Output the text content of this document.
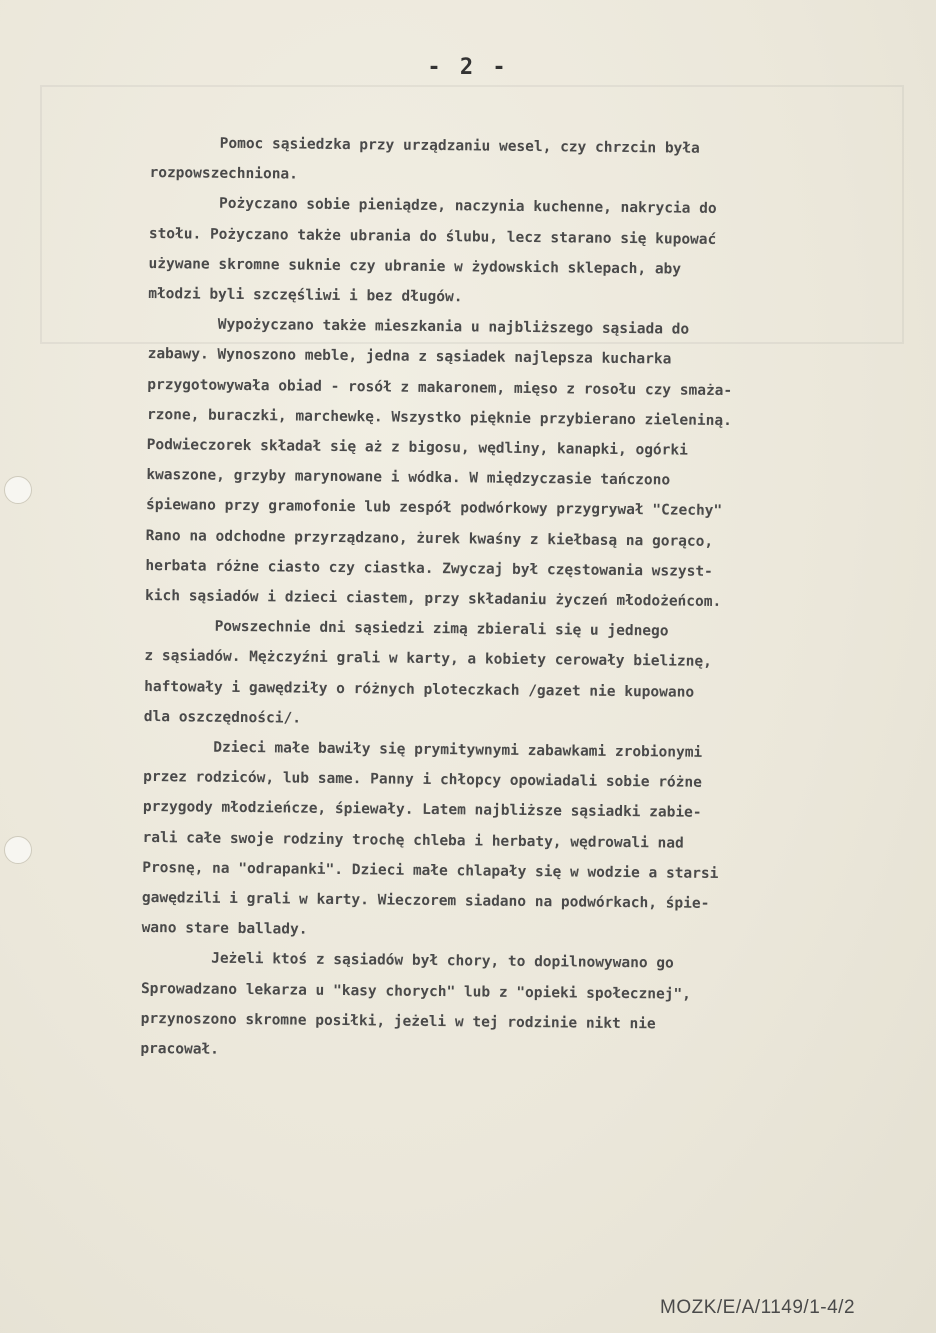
- 2 -
Pomoc sąsiedzka przy urządzaniu wesel, czy chrzcin była
rozpowszechniona.
Pożyczano sobie pieniądze, naczynia kuchenne, nakrycia do
stołu. Pożyczano także ubrania do ślubu, lecz starano się kupować
używane skromne suknie czy ubranie w żydowskich sklepach, aby
młodzi byli szczęśliwi i bez długów.
Wypożyczano także mieszkania u najbliższego sąsiada do
zabawy. Wynoszono meble, jedna z sąsiadek najlepsza kucharka
przygotowywała obiad - rosół z makaronem, mięso z rosołu czy smaża-
rzone, buraczki, marchewkę. Wszystko pięknie przybierano zieleniną.
Podwieczorek składał się aż z bigosu, wędliny, kanapki, ogórki
kwaszone, grzyby marynowane i wódka. W międzyczasie tańczono
śpiewano przy gramofonie lub zespół podwórkowy przygrywał "Czechy"
Rano na odchodne przyrządzano, żurek kwaśny z kiełbasą na gorąco,
herbata różne ciasto czy ciastka. Zwyczaj był częstowania wszyst-
kich sąsiadów i dzieci ciastem, przy składaniu życzeń młodożeńcom.
Powszechnie dni sąsiedzi zimą zbierali się u jednego
z sąsiadów. Mężczyźni grali w karty, a kobiety cerowały bieliznę,
haftowały i gawędziły o różnych ploteczkach /gazet nie kupowano
dla oszczędności/.
Dzieci małe bawiły się prymitywnymi zabawkami zrobionymi
przez rodziców, lub same. Panny i chłopcy opowiadali sobie różne
przygody młodzieńcze, śpiewały. Latem najbliższe sąsiadki zabie-
rali całe swoje rodziny trochę chleba i herbaty, wędrowali nad
Prosnę, na "odrapanki". Dzieci małe chlapały się w wodzie a starsi
gawędzili i grali w karty. Wieczorem siadano na podwórkach, śpie-
wano stare ballady.
Jeżeli ktoś z sąsiadów był chory, to dopilnowywano go
Sprowadzano lekarza u "kasy chorych" lub z "opieki społecznej",
przynoszono skromne posiłki, jeżeli w tej rodzinie nikt nie
pracował.
MOZK/E/A/1149/1-4/2
